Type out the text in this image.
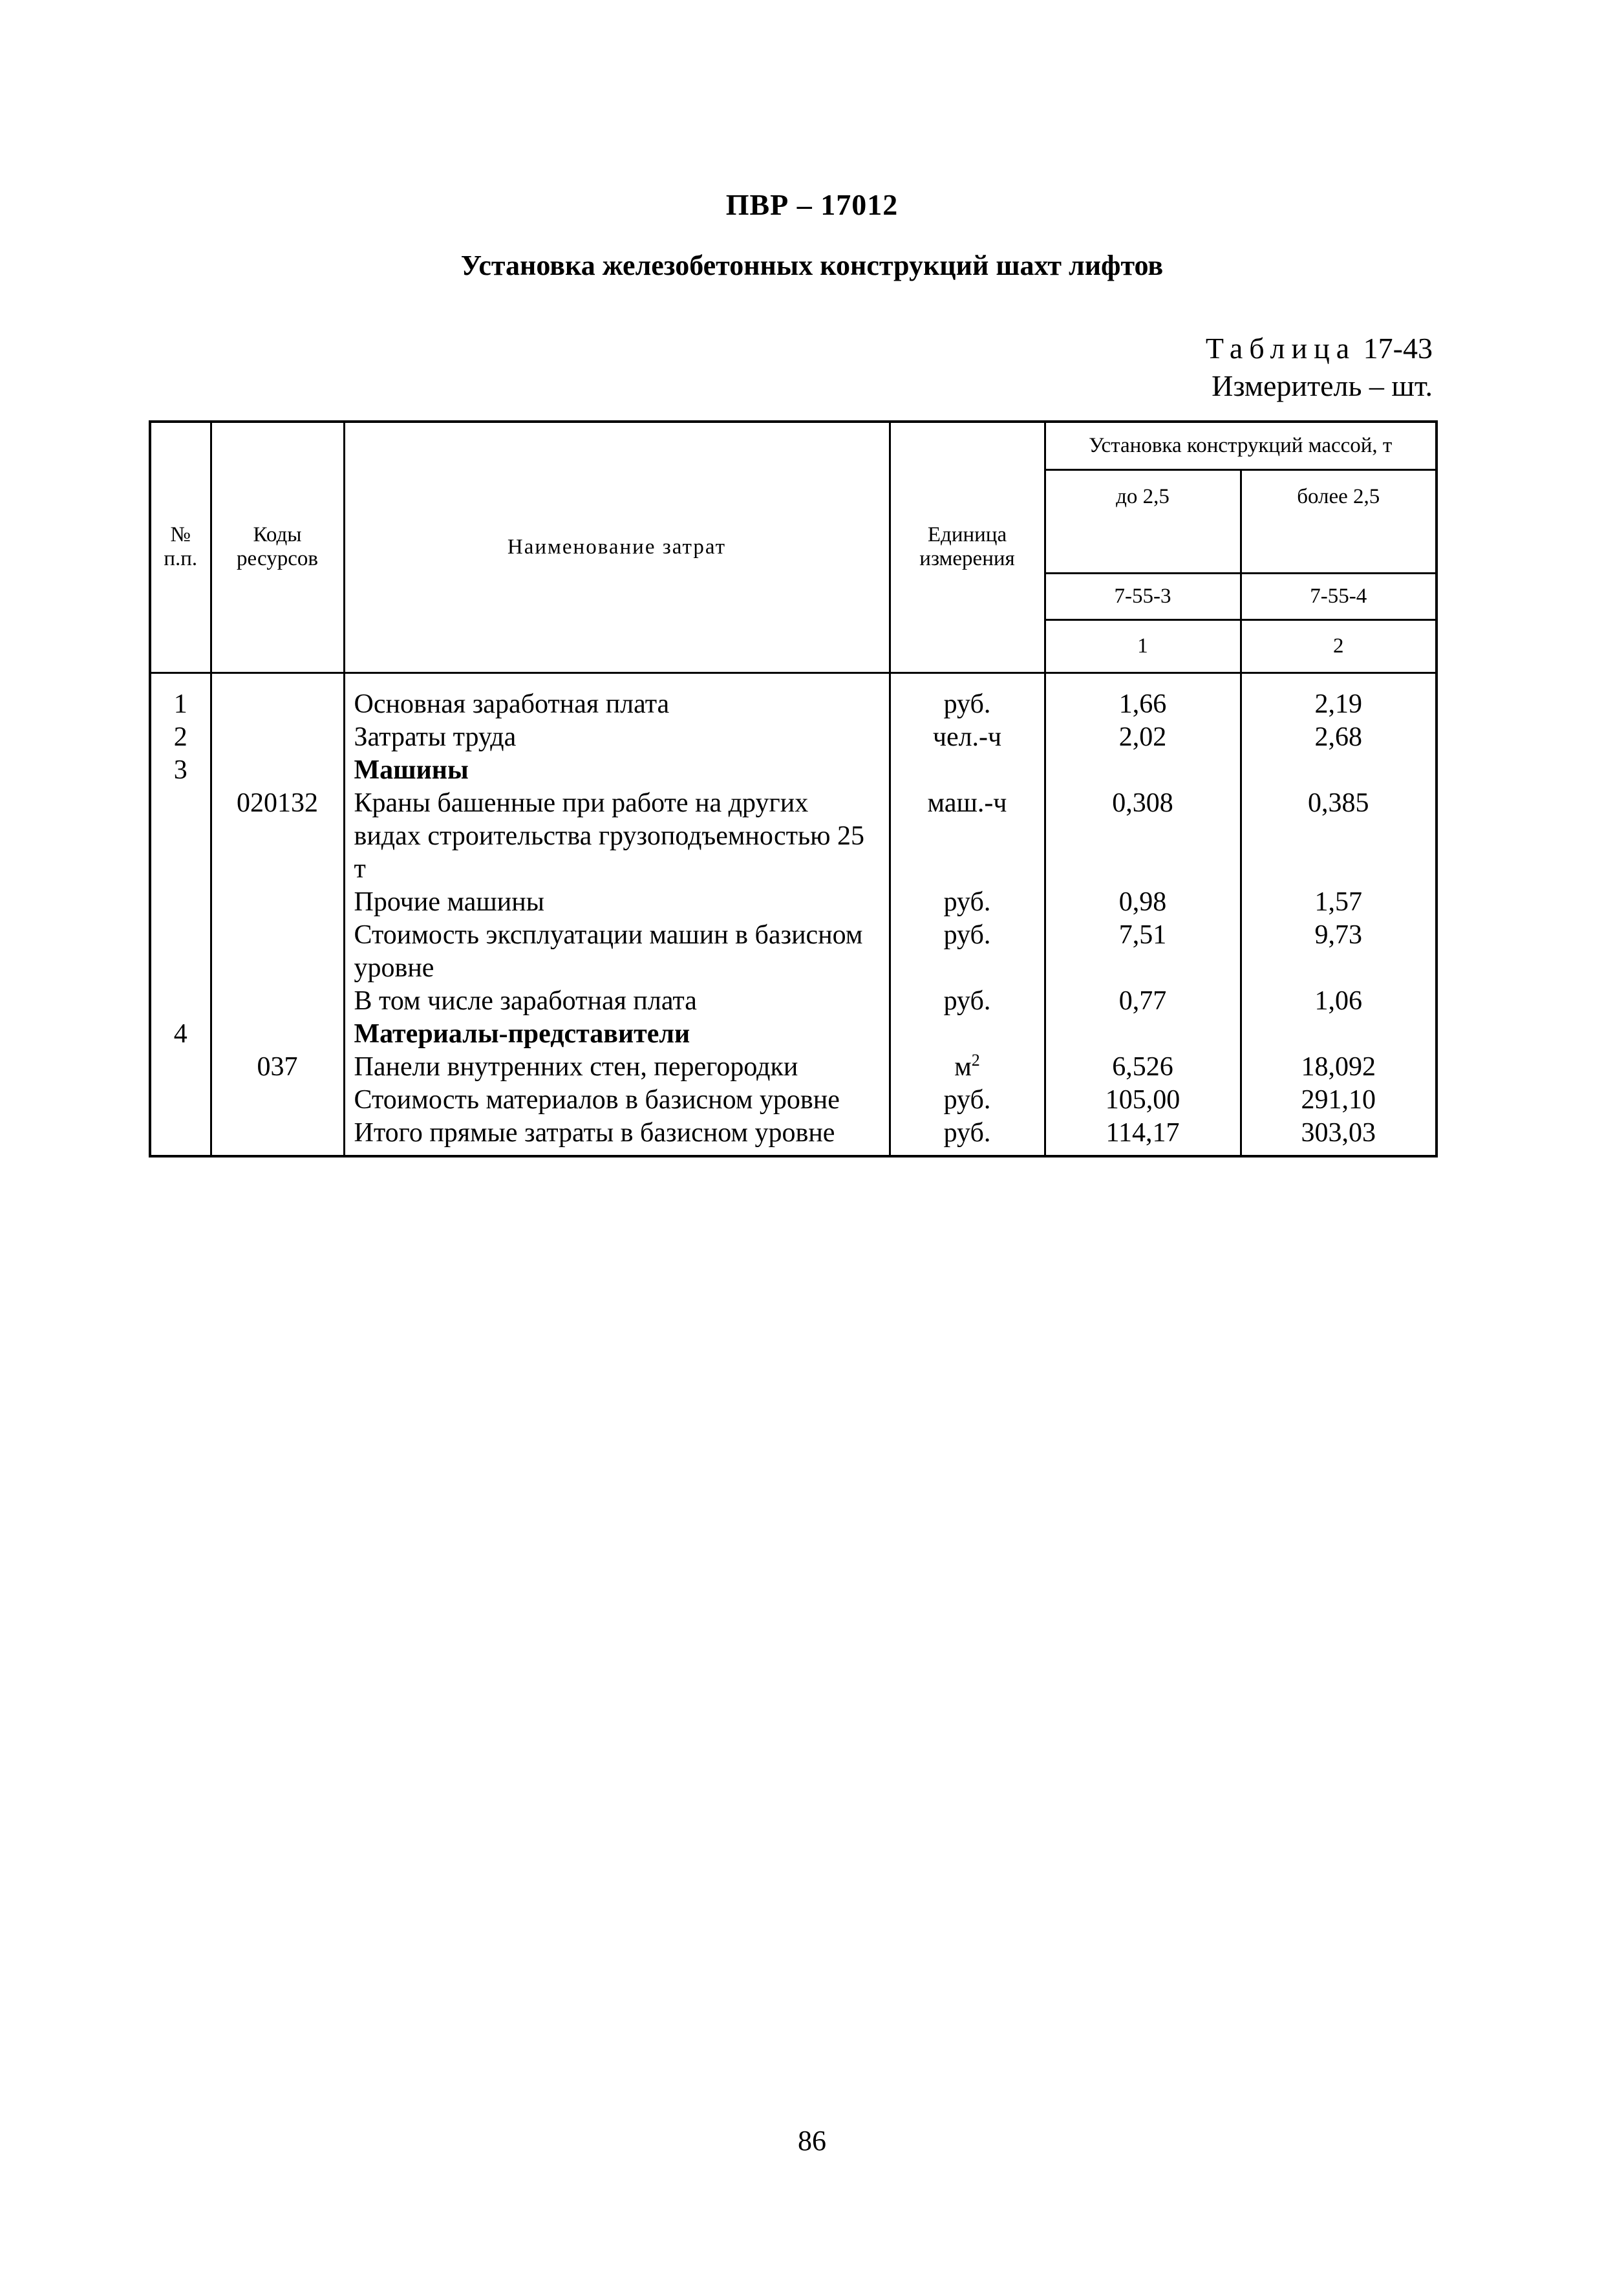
ПВР – 17012
Установка железобетонных конструкций шахт лифтов
Таблица 17-43
Измеритель – шт.
№ п.п.	Коды ресурсов	Наименование затрат	Единица измерения	Установка конструкций массой, т	
				до 2,5	более 2,5
				7-55-3	7-55-4
				1	2
1		Основная заработная плата	руб.	1,66	2,19
2		Затраты труда	чел.-ч	2,02	2,68
3		Машины			
	020132	Краны башенные при работе на других видах строительства грузоподъемностью 25 т	маш.-ч	0,308	0,385
		Прочие машины	руб.	0,98	1,57
		Стоимость эксплуатации машин в базисном уровне	руб.	7,51	9,73
		В том числе заработная плата	руб.	0,77	1,06
4		Материалы-представители			
	037	Панели внутренних стен, перегородки	$м^2$	6,526	18,092
		Стоимость материалов в базисном уровне	руб.	105,00	291,10
		Итого прямые затраты в базисном уровне	руб.	114,17	303,03
86
